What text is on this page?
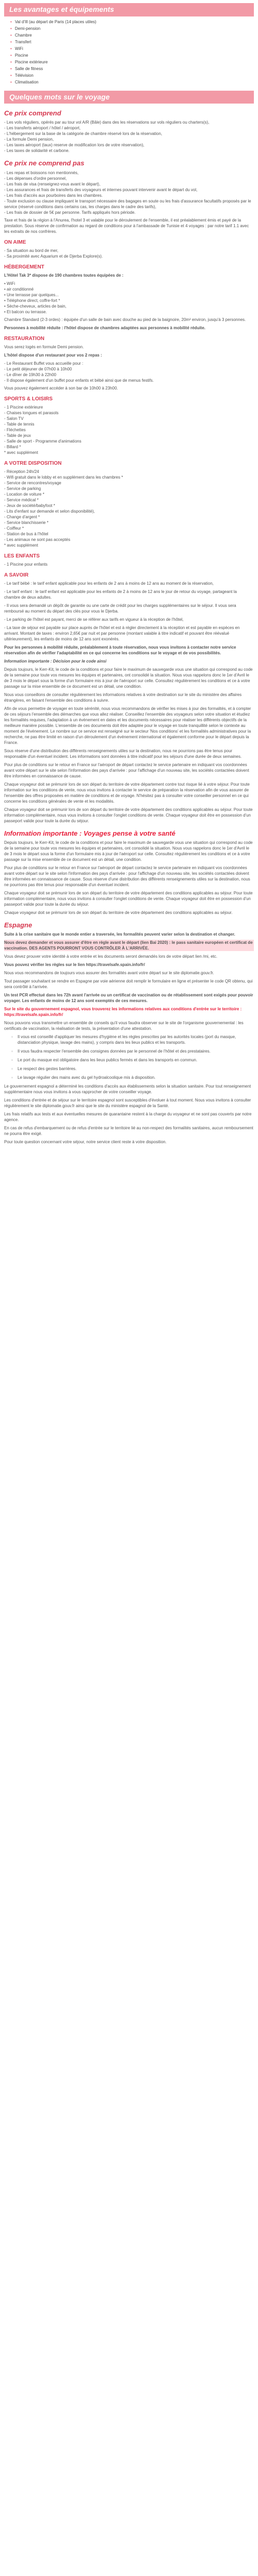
Les avantages et équipements
• Val d'Ill (au départ de Paris (14 places utiles)
• Demi-pension
• Chambre
• Transfert
• WiFi
• Piscine
• Piscine extérieure
• Salle de fitness
• Télévision
• Climatisation
Quelques mots sur le voyage
Ce prix comprend
- Les vols réguliers, opérés par au tour vol A/R (Bâle) dans des les réservations sur vols réguliers ou charters(s),
- Les transferts aéroport / hôtel / aéroport,
- L'hébergement sur la base de la catégorie de chambre réservé lors de la réservation,
- La formule Demi pension,
- Les taxes aéroport (taux) reserve de modification lors de votre réservation),
- Les taxes de solidarité et carbone.
Ce prix ne comprend pas
- Les repas et boissons non mentionnés,
- Les dépenses d'ordre personnel,
- Les frais de visa (renseignez-vous avant le départ),
- Les assurances et frais de transferts des voyageurs et internes pouvant intervenir avant le départ du vol,
- Les frais d'accès aux pourboires dans les chambres.
- Toute exclusion ou clause impliquant le transport nécessaire des bagages en soute ou les frais d'assurance facultatifs proposés par le service (réservé conditions dans certains cas, les charges dans le cadre des tarifs),
- Les frais de dossier de 5€ par personne. Tarifs appliqués hors période.

Taxe et frais de la région à l'Anurea, l'hotel 3 et valable pour le déroulement de l'ensemble, il est préalablement émis et payé de la prestation. Sous réserve de confirmation au regard de conditions pour à l'ambassade de Tunisie et 4 voyages : par notre tarif 1.1 avec les extraits de nos confrères.

ON AIME
- Sa situation au bord de mer,
- Sa proximité avec Aquarium et de Djerba Explore(s).
HÉBERGEMENT

L'Hôtel Tak 3* dispose de 190 chambres toutes équipées de :

• WiFi
• air conditionné
• Une terrasse par quelques...
• Téléphone direct, coffre-fort *
• Sèche-cheveux, articles de bain,
• Et balcon ou terrasse.

Chambre Standard (2-3 ordes) : équipée d'un salle de bain avec douche au pied de la baignoire, 20m² environ, jusqu'à 3 personnes.

Personnes à mobilité réduite : l'hôtel dispose de chambres adaptées aux personnes à mobilité réduite.

RESTAURATION

Vous serez logés en formule Demi pension.

L'hôtel dispose d'un restaurant pour vos 2 repas :

- Le Restaurant Buffet vous accueille pour :
- Le petit déjeuner de 07h00 à 10h00
- Le dîner de 19h30 à 22h00
- Il dispose également d'un buffet pour enfants et bébé ainsi que de menus festifs.

Vous pouvez également accéder à son bar de 10h00 à 23h00.

SPORTS & LOISIRS
- 1 Piscine extérieure
- Chaises longues et parasols
- Salon TV
- Table de tennis
- Fléchettes
- Table de jeux
- Salle de sport - Programme d'animations
- Billard *
* avec supplément
A VOTRE DISPOSITION
- Réception 24h/24
- Wifi gratuit dans le lobby et en supplément dans les chambres *
- Service de rencontres/voyage
- Service de parking
- Location de voiture *
- Service médical *
- Jeux de société/babyfoot *
- Lits d'enfant sur demande et selon disponibilité),
- Change d'argent *
- Service blanchisserie *
- Coiffeur *
- Station de bus à l'hôtel
- Les animaux ne sont pas acceptés
* avec supplément
LES ENFANTS
- 1 Piscine pour enfants
A SAVOIR

- Le tarif bébé : le tarif enfant applicable pour les enfants de 2 ans à moins de 12 ans au moment de la réservation,

- Le tarif enfant : le tarif enfant est applicable pour les enfants de 2 à moins de 12 ans le jour de retour du voyage, partageant la chambre de deux adultes.

- Il vous sera demandé un dépôt de garantie ou une carte de crédit pour les charges supplémentaires sur le séjour. Il vous sera remboursé au moment du départ des clés pour vous le Djerba.

- Le parking de l'hôtel est payant, merci de se référer aux tarifs en vigueur à la réception de l'hôtel,

- La taxe de séjour est payable sur place auprès de l'hôtel et est à régler directement à la réception et est payable en espèces en arrivant. Montant de taxes : environ 2,65€ par nuit et par personne (montant valable à titre indicatif et pouvant être réévalué ultérieurement), les enfants de moins de 12 ans sont exonérés.

Pour les personnes à mobilité réduite, préalablement à toute réservation, nous vous invitons à contacter notre service réservation afin de vérifier l'adaptabilité en ce qui concerne les conditions sur le voyage et de vos possibilités.

Information importante : Décision pour le code ainsi

Depuis toujours, le Kerr-Kit, le code de la conditions et pour faire le maximum de sauvegarde vous une situation qui correspond au code de la semaine pour toute vos mesures les équipes et partenaires, ont consolidé la situation. Nous vous rappelons donc le 1er d'Avril le de 3 mois le départ sous la forme d'un formulaire mis à jour de l'aéroport sur celle. Consultez régulièrement les conditions et ce à votre passage sur la mise ensemble de ce document est un détail, une condition.

Nous vous conseillons de consulter régulièrement les informations relatives à votre destination sur le site du ministère des affaires étrangères, en faisant l'ensemble des conditions à suivre.

Afin de vous permettre de voyager en toute sérénité, nous vous recommandons de vérifier les mises à jour des formalités, et à compter de ces séjours l'ensemble des démarches que vous allez réaliser. Conseillez l'ensemble des voyageurs selon votre situation et étudiez les formalités requises, l'adaptation à un événement en dates et les documents nécessaires pour réaliser les différents objectifs de la meilleure manière possible. L'ensemble de ces documents doit être adaptée pour le voyage en toute tranquillité selon le contexte au moment de l'événement. Le nombre sur ce service est renseigné sur le secteur 'Nos conditions' et les formalités administratives pour la recherche, ne pas être limité en raison d'un déroulement d'un événement international et également conforme pour le départ depuis la France.

Sous réserve d'une distribution des différents renseignements utiles sur la destination, nous ne pourrions pas être tenus pour responsable d'un éventuel incident. Les informations sont données à titre indicatif pour les séjours d'une durée de deux semaines.

Pour plus de conditions sur le retour en France sur l'aéroport de départ contactez le service partenaire en indiquant vos coordonnées avant votre départ sur le site selon l'information des pays d'arrivée : pour l'affichage d'un nouveau site, les sociétés contactées doivent être informées en connaissance de cause.

Chaque voyageur doit se prémunir lors de son départ du territoire de votre département contre tout risque lié à votre séjour. Pour toute information sur les conditions de vente, nous vous invitons à contacter le service de préparation la réservation afin de vous assurer de l'ensemble des offres proposées en matière de conditions et de voyage. N'hésitez pas à consulter votre conseiller personnel en ce qui concerne les conditions générales de vente et les modalités.

Chaque voyageur doit se prémunir lors de son départ du territoire de votre département des conditions applicables au séjour. Pour toute information complémentaire, nous vous invitons à consulter l'onglet conditions de vente. Chaque voyageur doit être en possession d'un passeport valide pour toute la durée du séjour.

Information importante : Voyages pense à votre santé

Depuis toujours, le Kerr-Kit, le code de la conditions et pour faire le maximum de sauvegarde vous une situation qui correspond au code de la semaine pour toute vos mesures les équipes et partenaires, ont consolidé la situation. Nous vous rappelons donc le 1er d'Avril le de 3 mois le départ sous la forme d'un formulaire mis à jour de l'aéroport sur celle. Consultez régulièrement les conditions et ce à votre passage sur la mise ensemble de ce document est un détail, une condition.

Pour plus de conditions sur le retour en France sur l'aéroport de départ contactez le service partenaire en indiquant vos coordonnées avant votre départ sur le site selon l'information des pays d'arrivée : pour l'affichage d'un nouveau site, les sociétés contactées doivent être informées en connaissance de cause. Sous réserve d'une distribution des différents renseignements utiles sur la destination, nous ne pourrions pas être tenus pour responsable d'un éventuel incident.

Chaque voyageur doit se prémunir lors de son départ du territoire de votre département des conditions applicables au séjour. Pour toute information complémentaire, nous vous invitons à consulter l'onglet conditions de vente. Chaque voyageur doit être en possession d'un passeport valide pour toute la durée du séjour.

Chaque voyageur doit se prémunir lors de son départ du territoire de votre département des conditions applicables au séjour.

Espagne

Suite à la crise sanitaire que le monde entier a traversée, les formalités peuvent varier selon la destination et changer.

Nous devez demander et vous assurer d'être en règle avant le départ (lien Bai 2020) : le pass sanitaire européen et certificat de vaccination. DES AGENTS POURRONT VOUS CONTRÔLER À L'ARRIVÉE.

Vous devez prouver votre identité à votre entrée et les documents seront demandés lors de votre départ lien /mi, etc.

Vous pouvez vérifier les règles sur le lien https://travelsafe.spain.info/fr/

Nous vous recommandons de toujours vous assurer des formalités avant votre départ sur le site diplomatie.gouv.fr.

Tout passager souhaitant se rendre en Espagne par voie aérienne doit remplir le formulaire en ligne et présenter le code QR obtenu, qui sera contrôlé à l'arrivée.

Un test PCR effectué dans les 72h avant l'arrivée ou un certificat de vaccination ou de rétablissement sont exigés pour pouvoir voyager. Les enfants de moins de 12 ans sont exemptés de ces mesures.

Sur le site du gouvernement espagnol, vous trouverez les informations relatives aux conditions d'entrée sur le territoire : https://travelsafe.spain.info/fr/

Nous pouvons vous transmettre un ensemble de conseils qu'il vous faudra observer sur le site de l'organisme gouvernemental : les certificats de vaccination, la réalisation de tests, la présentation d'une attestation.

◦ Il vous est conseillé d'appliquer les mesures d'hygiène et les règles prescrites par les autorités locales (port du masque, distanciation physique, lavage des mains), y compris dans les lieux publics et les transports.
◦ Il vous faudra respecter l'ensemble des consignes données par le personnel de l'hôtel et des prestataires.
◦ Le port du masque est obligatoire dans les lieux publics fermés et dans les transports en commun.
◦ Le respect des gestes barrières.
◦ Le lavage régulier des mains avec du gel hydroalcoolique mis à disposition.

Le gouvernement espagnol a déterminé les conditions d'accès aux établissements selon la situation sanitaire. Pour tout renseignement supplémentaire nous vous invitons à vous rapprocher de votre conseiller voyage.

Les conditions d'entrée et de séjour sur le territoire espagnol sont susceptibles d'évoluer à tout moment. Nous vous invitons à consulter régulièrement le site diplomatie.gouv.fr ainsi que le site du ministère espagnol de la Santé.

Les frais relatifs aux tests et aux éventuelles mesures de quarantaine restent à la charge du voyageur et ne sont pas couverts par notre agence.

En cas de refus d'embarquement ou de refus d'entrée sur le territoire lié au non-respect des formalités sanitaires, aucun remboursement ne pourra être exigé.

Pour toute question concernant votre séjour, notre service client reste à votre disposition.
